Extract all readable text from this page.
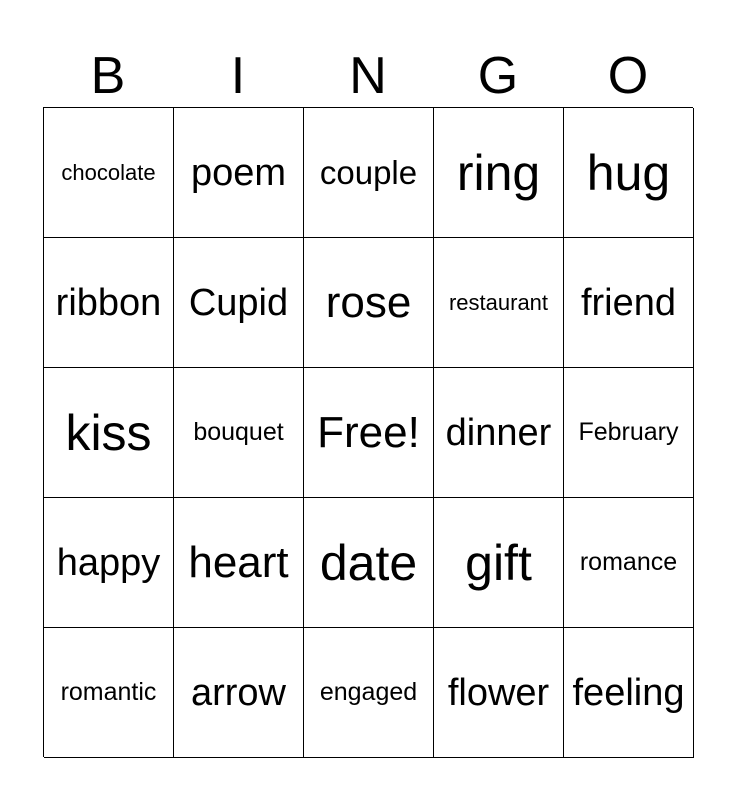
B	I	N	G	O
chocolate poem couple ring hug
ribbon Cupid rose restaurant friend
kiss bouquet Free! dinner February
happy heart date gift romance
romantic arrow engaged flower feeling
